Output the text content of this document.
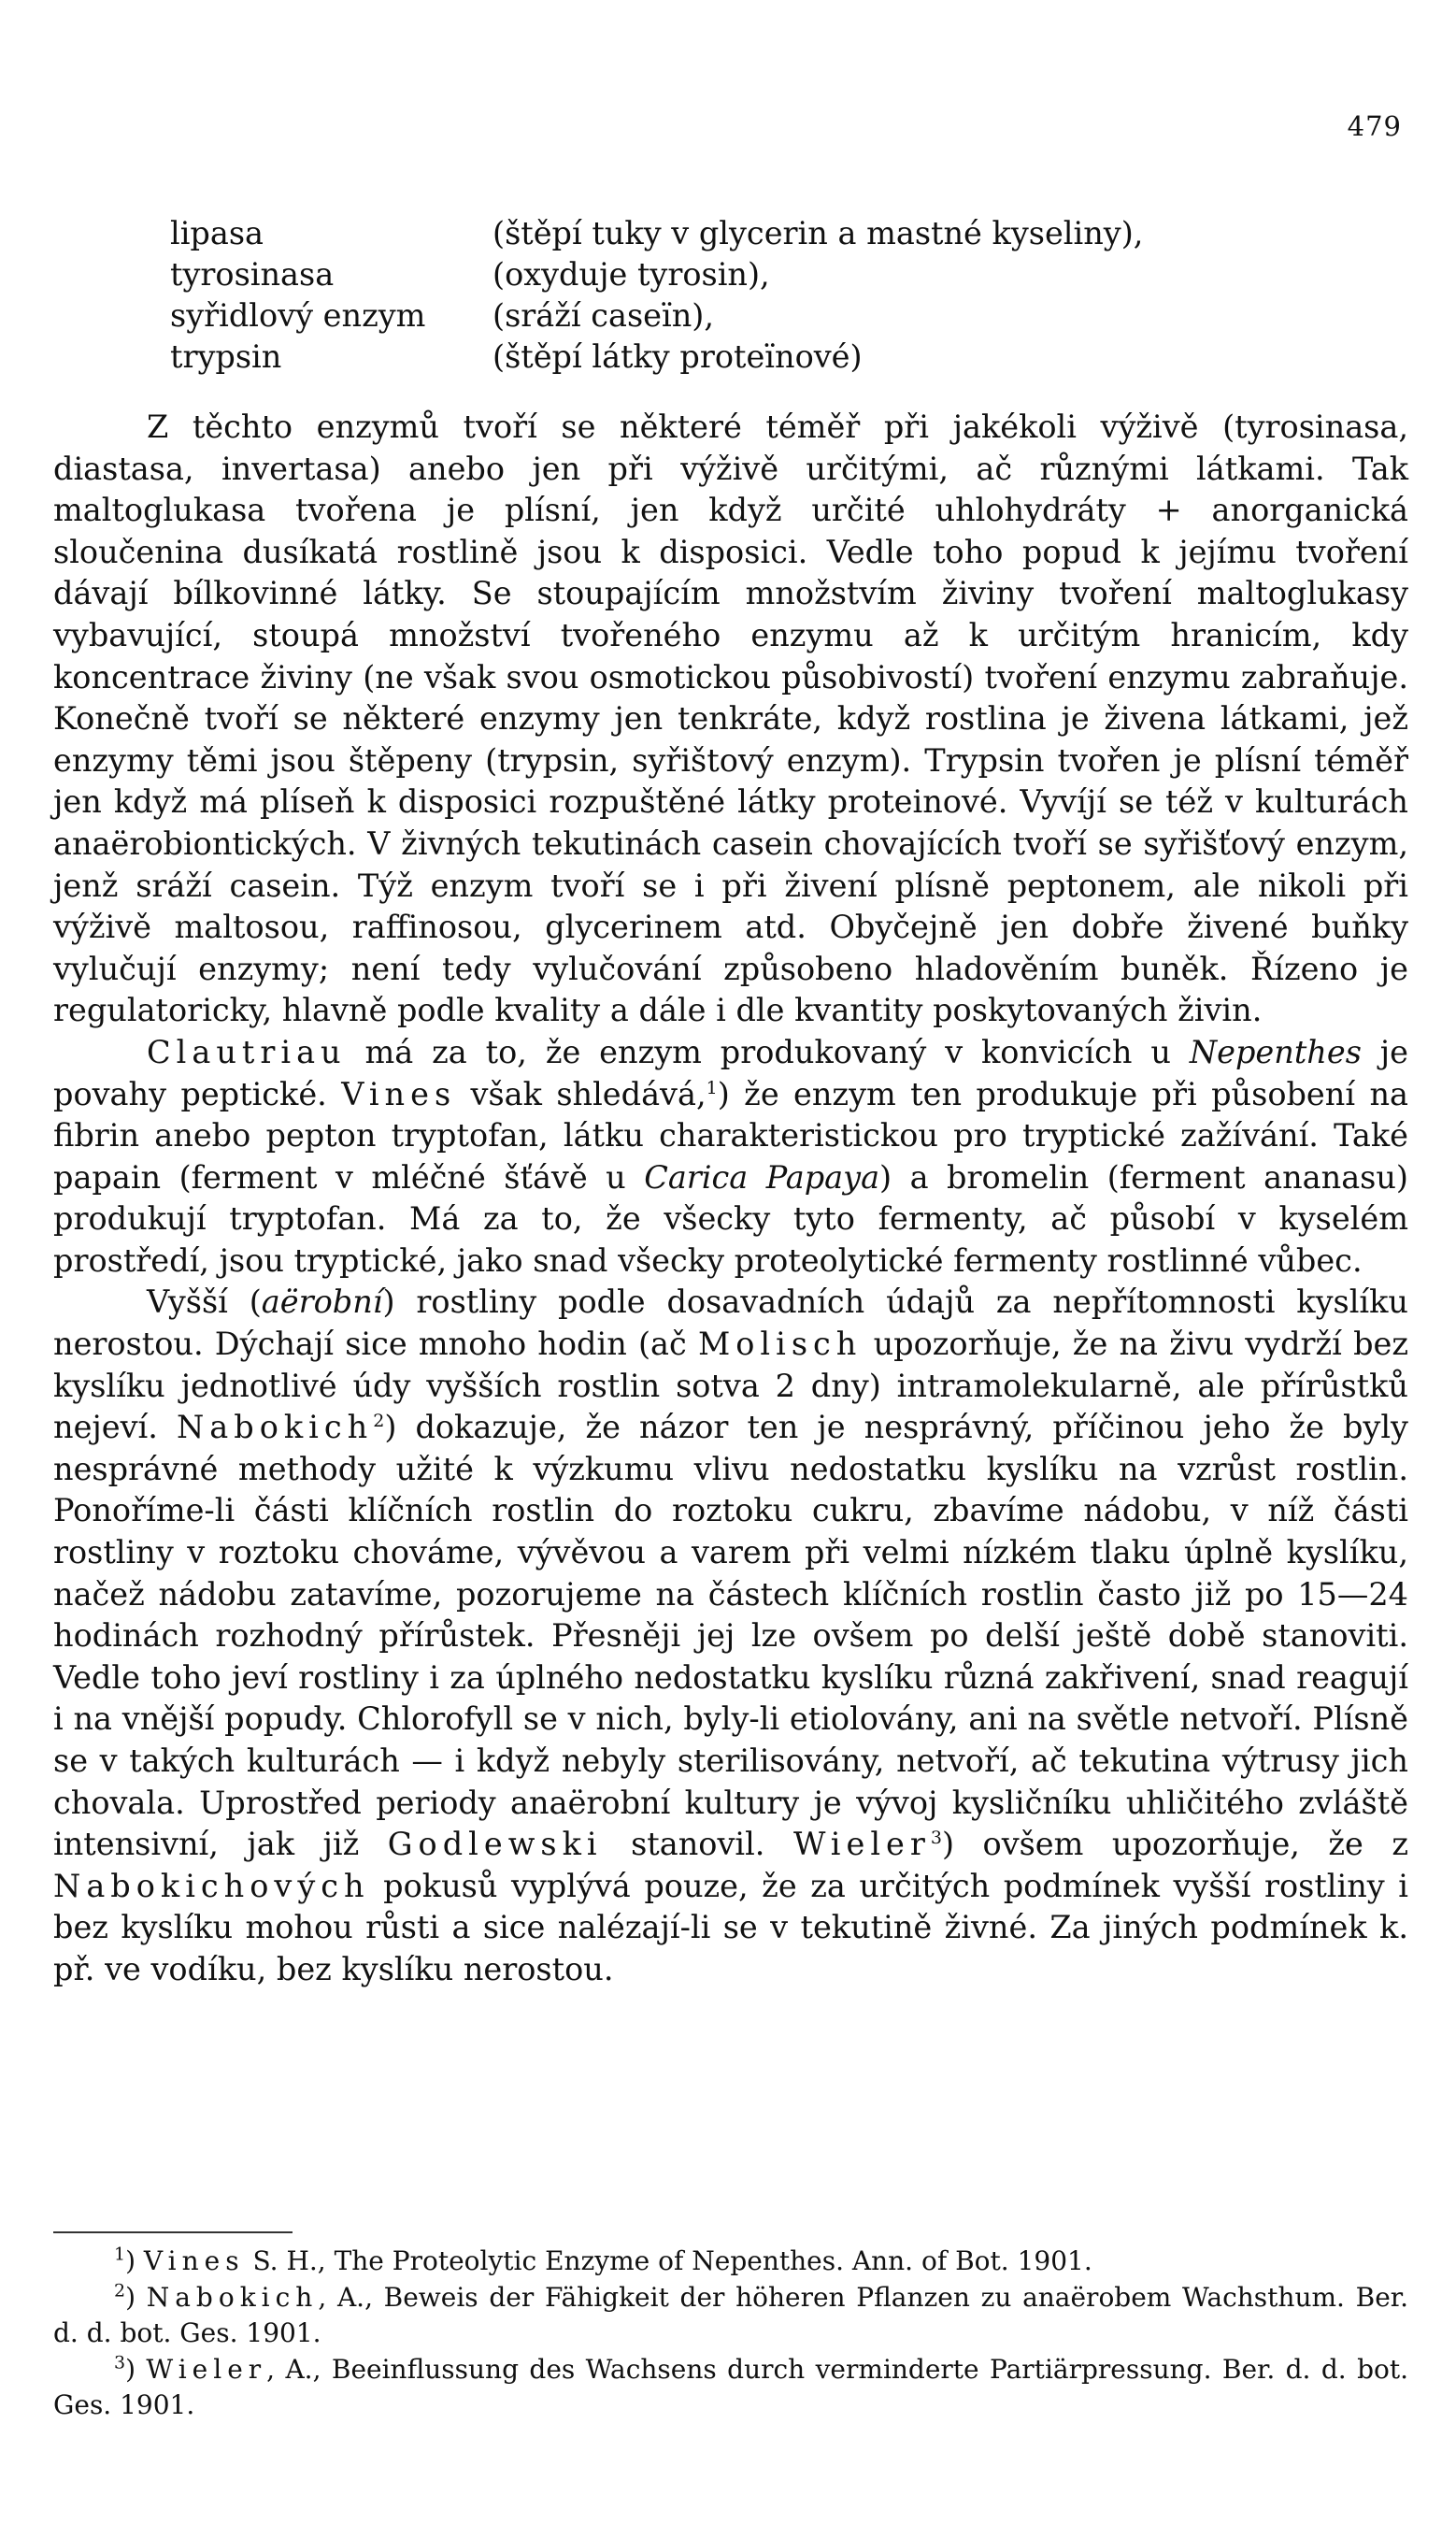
479
lipasa	(štěpí tuky v glycerin a mastné kyseliny),
tyrosinasa	(oxyduje tyrosin),
syřidlový enzym	(sráží caseïn),
trypsin	(štěpí látky proteïnové)

Z těchto enzymů tvoří se některé téměř při jakékoli výživě (tyrosinasa, diastasa, invertasa) anebo jen při výživě určitými, ač různými látkami. Tak maltoglukasa tvořena je plísní, jen když určité uhlohydráty + anorganická sloučenina dusíkatá rostlině jsou k disposici. Vedle toho popud k jejímu tvoření dávají bílkovinné látky. Se stoupajícím množstvím živiny tvoření maltoglukasy vybavující, stoupá množství tvořeného enzymu až k určitým hranicím, kdy koncentrace živiny (ne však svou osmotickou působivostí) tvoření enzymu zabraňuje. Konečně tvoří se některé enzymy jen tenkráte, když rostlina je živena látkami, jež enzymy těmi jsou štěpeny (trypsin, syřištový enzym). Trypsin tvořen je plísní téměř jen když má plíseň k disposici rozpuštěné látky proteinové. Vyvíjí se též v kulturách anaërobiontických. V živných tekutinách casein chovajících tvoří se syřišťový enzym, jenž sráží casein. Týž enzym tvoří se i při živení plísně peptonem, ale nikoli při výživě maltosou, raffinosou, glycerinem atd. Obyčejně jen dobře živené buňky vylučují enzymy; není tedy vylučování způsobeno hladověním buněk. Řízeno je regulatoricky, hlavně podle kvality a dále i dle kvantity poskytovaných živin.

Clautriau má za to, že enzym produkovaný v konvicích u Nepenthes je povahy peptické. Vines však shledává,$^1$) že enzym ten produkuje při působení na fibrin anebo pepton tryptofan, látku charakteristickou pro tryptické zažívání. Také papain (ferment v mléčné šťávě u Carica Papaya) a bromelin (ferment ananasu) produkují tryptofan. Má za to, že všecky tyto fermenty, ač působí v kyselém prostředí, jsou tryptické, jako snad všecky proteolytické fermenty rostlinné vůbec.

Vyšší (aërobní) rostliny podle dosavadních údajů za nepřítomnosti kyslíku nerostou. Dýchají sice mnoho hodin (ač Molisch upozorňuje, že na živu vydrží bez kyslíku jednotlivé údy vyšších rostlin sotva 2 dny) intramolekularně, ale přírůstků nejeví. Nabokich$^2$) dokazuje, že názor ten je nesprávný, příčinou jeho že byly nesprávné methody užité k výzkumu vlivu nedostatku kyslíku na vzrůst rostlin. Ponoříme-li části klíčních rostlin do roztoku cukru, zbavíme nádobu, v níž části rostliny v roztoku chováme, vývěvou a varem při velmi nízkém tlaku úplně kyslíku, načež nádobu zatavíme, pozorujeme na částech klíčních rostlin často již po 15—24 hodinách rozhodný přírůstek. Přesněji jej lze ovšem po delší ještě době stanoviti. Vedle toho jeví rostliny i za úplného nedostatku kyslíku různá zakřivení, snad reagují i na vnější popudy. Chlorofyll se v nich, byly-li etiolovány, ani na světle netvoří. Plísně se v takých kulturách — i když nebyly sterilisovány, netvoří, ač tekutina výtrusy jich chovala. Uprostřed periody anaërobní kultury je vývoj kysličníku uhličitého zvláště intensivní, jak již Godlewski stanovil. Wieler$^3$) ovšem upozorňuje, že z Nabokichových pokusů vyplývá pouze, že za určitých podmínek vyšší rostliny i bez kyslíku mohou růsti a sice nalézají-li se v tekutině živné. Za jiných podmínek k. př. ve vodíku, bez kyslíku nerostou.

$^1$) Vines S. H., The Proteolytic Enzyme of Nepenthes. Ann. of Bot. 1901.

$^2$) Nabokich, A., Beweis der Fähigkeit der höheren Pflanzen zu anaërobem Wachsthum. Ber. d. d. bot. Ges. 1901.

$^3$) Wieler, A., Beeinflussung des Wachsens durch verminderte Partiärpressung. Ber. d. d. bot. Ges. 1901.
